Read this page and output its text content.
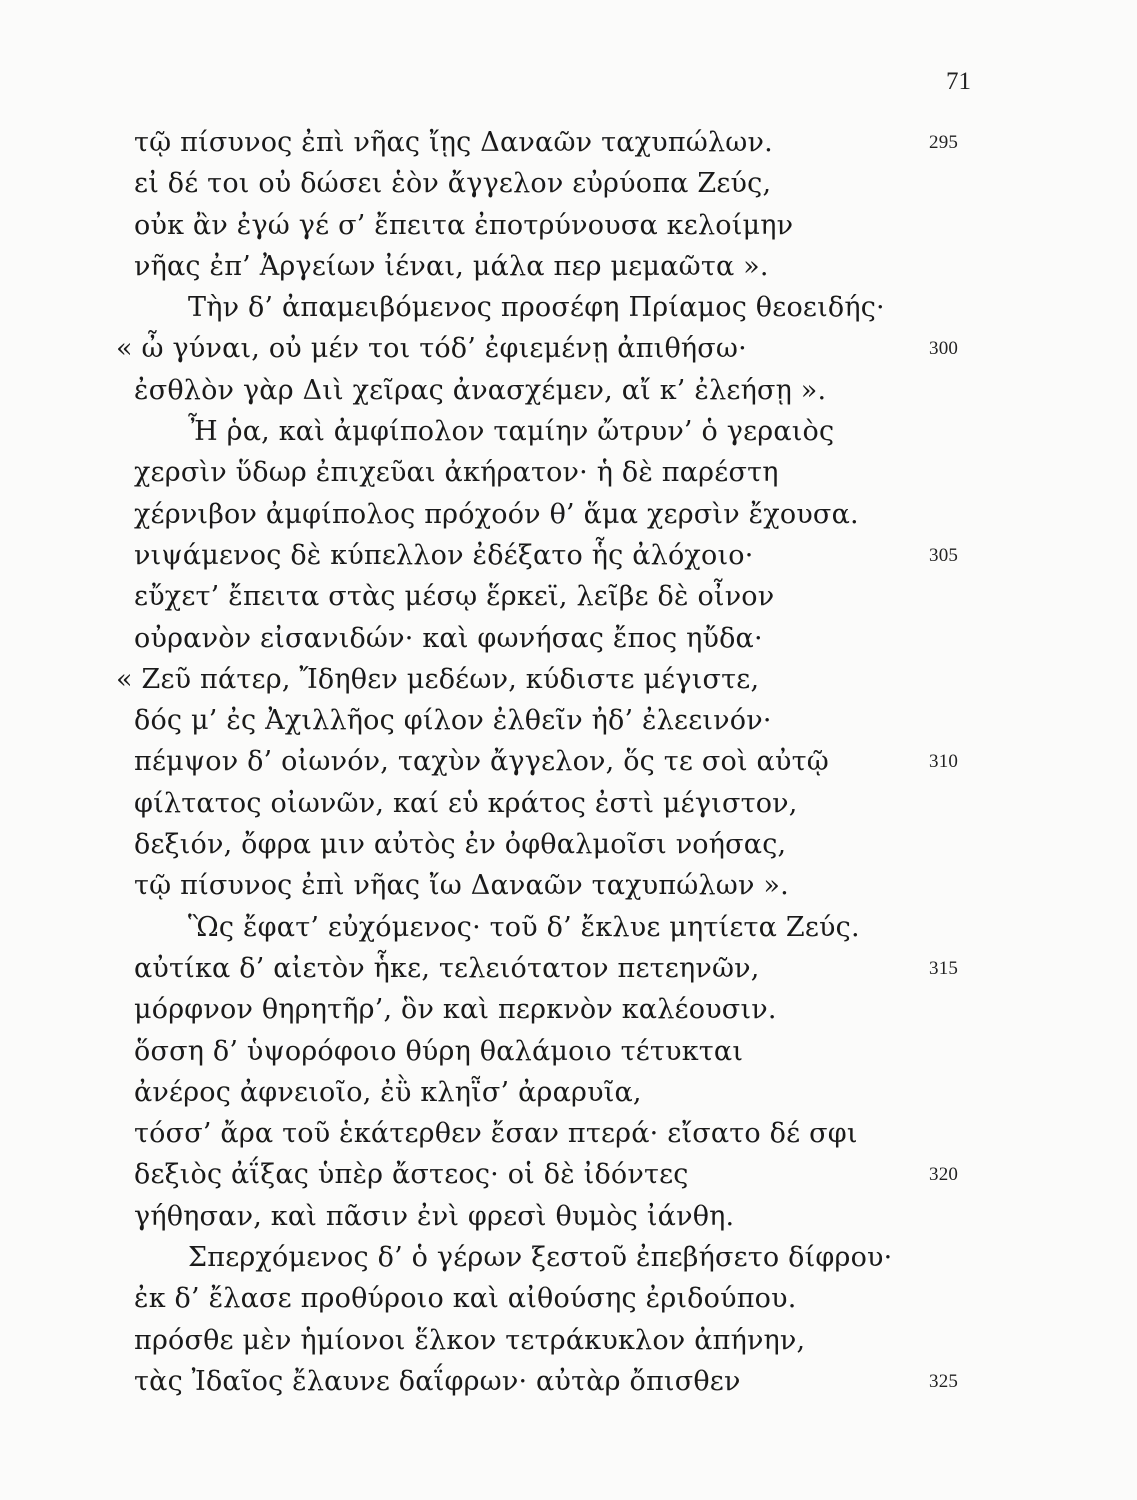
71
τῷ πίσυνος ἐπὶ νῆας ἴῃς Δαναῶν ταχυπώλων.	295
εἰ δέ τοι οὐ δώσει ἑὸν ἄγγελον εὐρύοπα Ζεύς,
οὐκ ἂν ἐγώ γέ σ’ ἔπειτα ἐποτρύνουσα κελοίμην
νῆας ἐπ’ Ἀργείων ἰέναι, μάλα περ μεμαῶτα ».
Τὴν δ’ ἀπαμειβόμενος προσέφη Πρίαμος θεοειδής·
« ὦ γύναι, οὐ μέν τοι τόδ’ ἐφιεμένῃ ἀπιθήσω·	300
ἐσθλὸν γὰρ Διὶ χεῖρας ἀνασχέμεν, αἴ κ’ ἐλεήσῃ ».
Ἦ ῥα, καὶ ἀμφίπολον ταμίην ὤτρυν’ ὁ γεραιὸς
χερσὶν ὕδωρ ἐπιχεῦαι ἀκήρατον· ἡ δὲ παρέστη
χέρνιβον ἀμφίπολος πρόχοόν θ’ ἅμα χερσὶν ἔχουσα.
νιψάμενος δὲ κύπελλον ἐδέξατο ἧς ἀλόχοιο·	305
εὔχετ’ ἔπειτα στὰς μέσῳ ἕρκεϊ, λεῖβε δὲ οἶνον
οὐρανὸν εἰσανιδών· καὶ φωνήσας ἔπος ηὔδα·
« Ζεῦ πάτερ, Ἴδηθεν μεδέων, κύδιστε μέγιστε,
δός μ’ ἐς Ἀχιλλῆος φίλον ἐλθεῖν ἠδ’ ἐλεεινόν·
πέμψον δ’ οἰωνόν, ταχὺν ἄγγελον, ὅς τε σοὶ αὐτῷ	310
φίλτατος οἰωνῶν, καί εὑ κράτος ἐστὶ μέγιστον,
δεξιόν, ὄφρα μιν αὐτὸς ἐν ὀφθαλμοῖσι νοήσας,
τῷ πίσυνος ἐπὶ νῆας ἴω Δαναῶν ταχυπώλων ».
Ὣς ἔφατ’ εὐχόμενος· τοῦ δ’ ἔκλυε μητίετα Ζεύς.
αὐτίκα δ’ αἰετὸν ἧκε, τελειότατον πετεηνῶν,	315
μόρφνον θηρητῆρ’, ὃν καὶ περκνὸν καλέουσιν.
ὅσση δ’ ὑψορόφοιο θύρη θαλάμοιο τέτυκται
ἀνέρος ἀφνειοῖο, ἐῢ κληῗσ’ ἀραρυῖα,
τόσσ’ ἄρα τοῦ ἑκάτερθεν ἔσαν πτερά· εἴσατο δέ σφι
δεξιὸς ἀΐξας ὑπὲρ ἄστεος· οἱ δὲ ἰδόντες	320
γήθησαν, καὶ πᾶσιν ἐνὶ φρεσὶ θυμὸς ἰάνθη.
Σπερχόμενος δ’ ὁ γέρων ξεστοῦ ἐπεβήσετο δίφρου·
ἐκ δ’ ἔλασε προθύροιο καὶ αἰθούσης ἐριδούπου.
πρόσθε μὲν ἡμίονοι ἕλκον τετράκυκλον ἀπήνην,
τὰς Ἰδαῖος ἔλαυνε δαΐφρων· αὐτὰρ ὄπισθεν	325
